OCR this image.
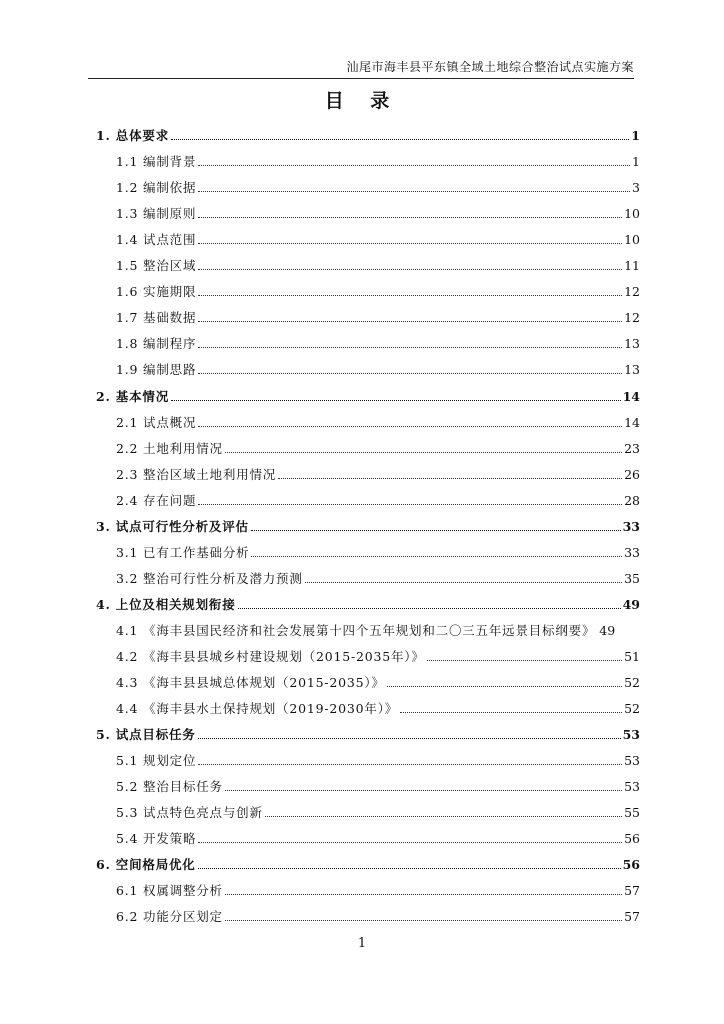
汕尾市海丰县平东镇全域土地综合整治试点实施方案
目 录
1. 总体要求	1
1.1 编制背景	1
1.2 编制依据	3
1.3 编制原则	10
1.4 试点范围	10
1.5 整治区域	11
1.6 实施期限	12
1.7 基础数据	12
1.8 编制程序	13
1.9 编制思路	13
2. 基本情况	14
2.1 试点概况	14
2.2 土地利用情况	23
2.3 整治区域土地利用情况	26
2.4 存在问题	28
3. 试点可行性分析及评估	33
3.1 已有工作基础分析	33
3.2 整治可行性分析及潜力预测	35
4. 上位及相关规划衔接	49
4.1 《海丰县国民经济和社会发展第十四个五年规划和二〇三五年远景目标纲要》 49
4.2 《海丰县县城乡村建设规划（2015-2035年）》	51
4.3 《海丰县县城总体规划（2015-2035）》	52
4.4 《海丰县水土保持规划（2019-2030年）》	52
5. 试点目标任务	53
5.1 规划定位	53
5.2 整治目标任务	53
5.3 试点特色亮点与创新	55
5.4 开发策略	56
6. 空间格局优化	56
6.1 权属调整分析	57
6.2 功能分区划定	57
1
